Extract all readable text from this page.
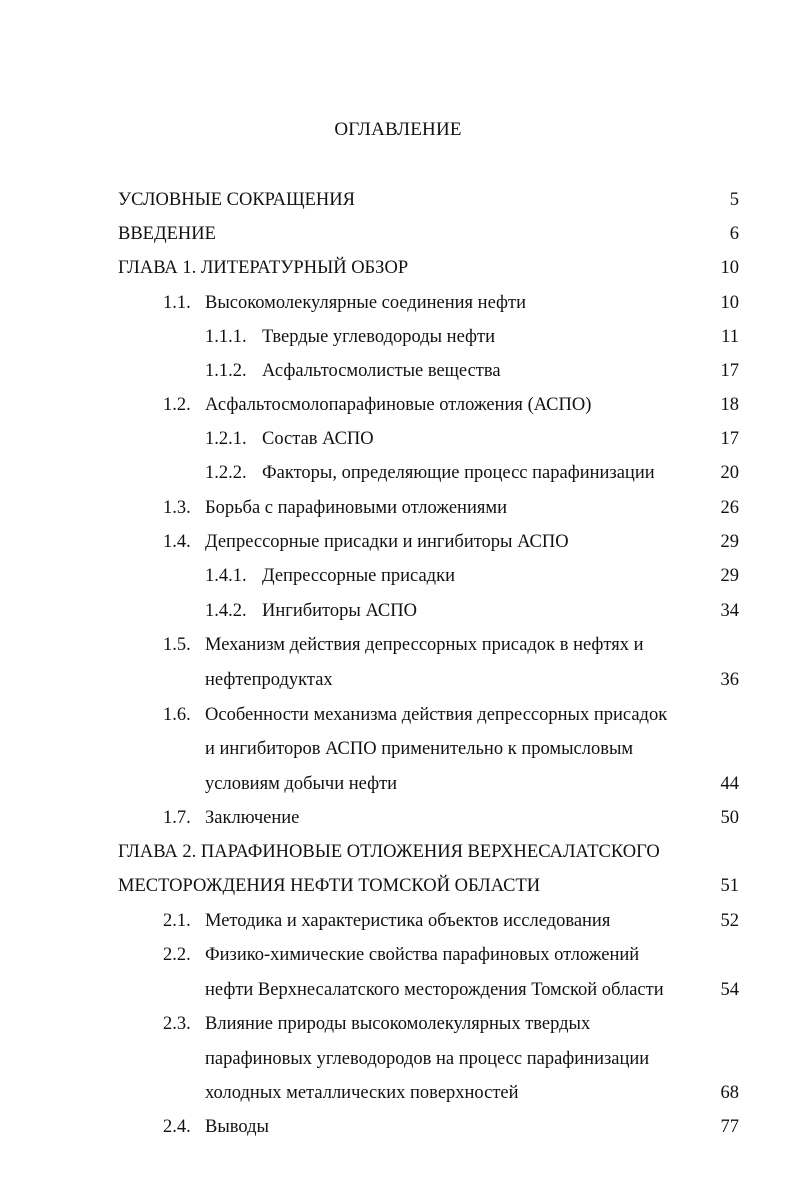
ОГЛАВЛЕНИЕ
УСЛОВНЫЕ СОКРАЩЕНИЯ	5
ВВЕДЕНИЕ	6
ГЛАВА 1. ЛИТЕРАТУРНЫЙ ОБЗОР	10
1.1. Высокомолекулярные соединения нефти	10
1.1.1. Твердые углеводороды нефти	11
1.1.2. Асфальтосмолистые вещества	17
1.2. Асфальтосмолопарафиновые отложения (АСПО)	18
1.2.1. Состав АСПО	17
1.2.2. Факторы, определяющие процесс парафинизации	20
1.3. Борьба с парафиновыми отложениями	26
1.4. Депрессорные присадки и ингибиторы АСПО	29
1.4.1. Депрессорные присадки	29
1.4.2. Ингибиторы АСПО	34
1.5. Механизм действия депрессорных присадок в нефтях и
нефтепродуктах	36
1.6. Особенности механизма действия депрессорных присадок
и ингибиторов АСПО применительно к промысловым
условиям добычи нефти	44
1.7. Заключение	50
ГЛАВА 2. ПАРАФИНОВЫЕ ОТЛОЖЕНИЯ ВЕРХНЕСАЛАТСКОГО
МЕСТОРОЖДЕНИЯ НЕФТИ ТОМСКОЙ ОБЛАСТИ	51
2.1. Методика и характеристика объектов исследования	52
2.2. Физико-химические свойства парафиновых отложений
нефти Верхнесалатского месторождения Томской области	54
2.3. Влияние природы высокомолекулярных твердых
парафиновых углеводородов на процесс парафинизации
холодных металлических поверхностей	68
2.4. Выводы	77
